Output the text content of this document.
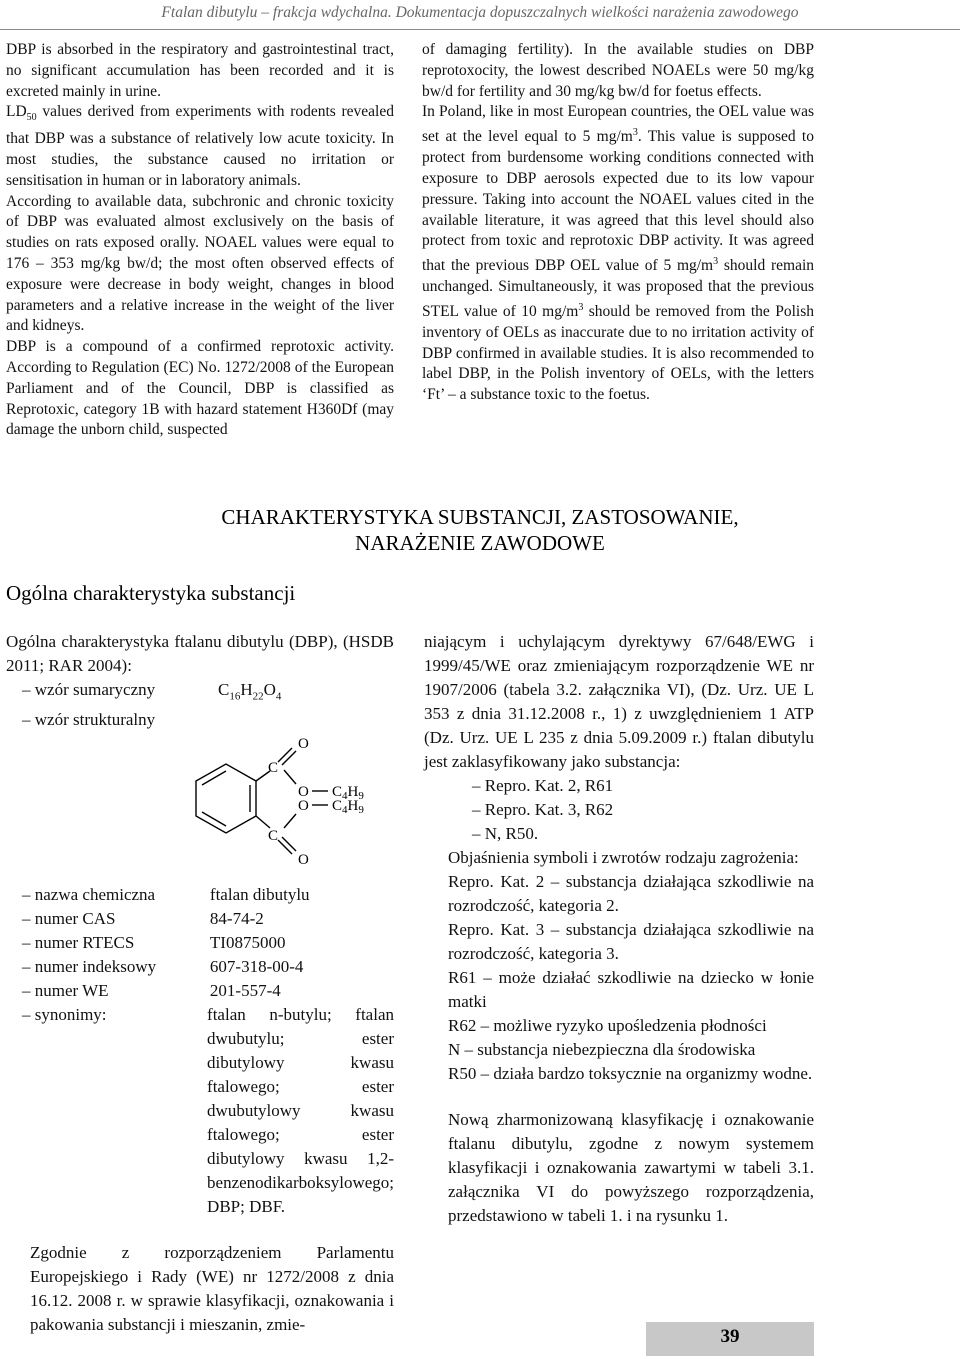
Ftalan dibutylu – frakcja wdychalna. Dokumentacja dopuszczalnych wielkości narażenia zawodowego

DBP is absorbed in the respiratory and gastrointestinal tract, no significant accumulation has been recorded and it is excreted mainly in urine.

$LD_{50}$ values derived from experiments with rodents revealed that DBP was a substance of relatively low acute toxicity. In most studies, the substance caused no irritation or sensitisation in human or in laboratory animals.

According to available data, subchronic and chronic toxicity of DBP was evaluated almost exclusively on the basis of studies on rats exposed orally. NOAEL values were equal to 176 – 353 mg/kg bw/d; the most often observed effects of exposure were decrease in body weight, changes in blood parameters and a relative increase in the weight of the liver and kidneys.

DBP is a compound of a confirmed reprotoxic activity. According to Regulation (EC) No. 1272/2008 of the European Parliament and of the Council, DBP is classified as Reprotoxic, category 1B with hazard statement H360Df (may damage the unborn child, suspected

of damaging fertility). In the available studies on DBP reprotoxocity, the lowest described NOAELs were 50 mg/kg bw/d for fertility and 30 mg/kg bw/d for foetus effects.

In Poland, like in most European countries, the OEL value was set at the level equal to 5 $mg/m^3$. This value is supposed to protect from burdensome working conditions connected with exposure to DBP aerosols expected due to its low vapour pressure. Taking into account the NOAEL values cited in the available literature, it was agreed that this level should also protect from toxic and reprotoxic DBP activity. It was agreed that the previous DBP OEL value of 5 $mg/m^3$ should remain unchanged. Simultaneously, it was proposed that the previous STEL value of 10 $mg/m^3$ should be removed from the Polish inventory of OELs as inaccurate due to no irritation activity of DBP confirmed in available studies. It is also recommended to label DBP, in the Polish inventory of OELs, with the letters ‘Ft’ – a substance toxic to the foetus.

CHARAKTERYSTYKA SUBSTANCJI, ZASTOSOWANIE,
NARAŻENIE ZAWODOWE
Ogólna charakterystyka substancji

Ogólna charakterystyka ftalanu dibutylu (DBP), (HSDB 2011; RAR 2004):

– wzór sumaryczny	$C_{16}H_{22}O_4$
– wzór strukturalny
O
C
O
O
C
O
$C_4H_9$
$C_4H_9$
– nazwa chemiczna	ftalan dibutylu
– numer CAS	84-74-2
– numer RTECS	TI0875000
– numer indeksowy	607-318-00-4
– numer WE	201-557-4
– synonimy:	ftalan n-butylu; ftalan dwubutylu; ester dibutylowy kwasu ftalowego; ester dwubutylowy kwasu ftalowego; ester dibutylowy kwasu 1,2-benzenodikarboksylowego; DBP; DBF.

Zgodnie z rozporządzeniem Parlamentu Europejskiego i Rady (WE) nr 1272/2008 z dnia 16.12. 2008 r. w sprawie klasyfikacji, oznakowania i pakowania substancji i mieszanin, zmie-

niającym i uchylającym dyrektywy 67/648/EWG i 1999/45/WE oraz zmieniającym rozporządzenie WE nr 1907/2006 (tabela 3.2. załącznika VI), (Dz. Urz. UE L 353 z dnia 31.12.2008 r., 1) z uwzględnieniem 1 ATP (Dz. Urz. UE L 235 z dnia 5.09.2009 r.) ftalan dibutylu jest zaklasyfikowany jako substancja:

– Repro. Kat. 2, R61

– Repro. Kat. 3, R62

– N, R50.

Objaśnienia symboli i zwrotów rodzaju zagrożenia:

Repro. Kat. 2 – substancja działająca szkodliwie na rozrodczość, kategoria 2.

Repro. Kat. 3 – substancja działająca szkodliwie na rozrodczość, kategoria 3.

R61 – może działać szkodliwie na dziecko w łonie matki

R62 – możliwe ryzyko upośledzenia płodności

N – substancja niebezpieczna dla środowiska

R50 – działa bardzo toksycznie na organizmy wodne.

Nową zharmonizowaną klasyfikację i oznakowanie ftalanu dibutylu, zgodne z nowym systemem klasyfikacji i oznakowania zawartymi w tabeli 3.1. załącznika VI do powyższego rozporządzenia, przedstawiono w tabeli 1. i na rysunku 1.

39
